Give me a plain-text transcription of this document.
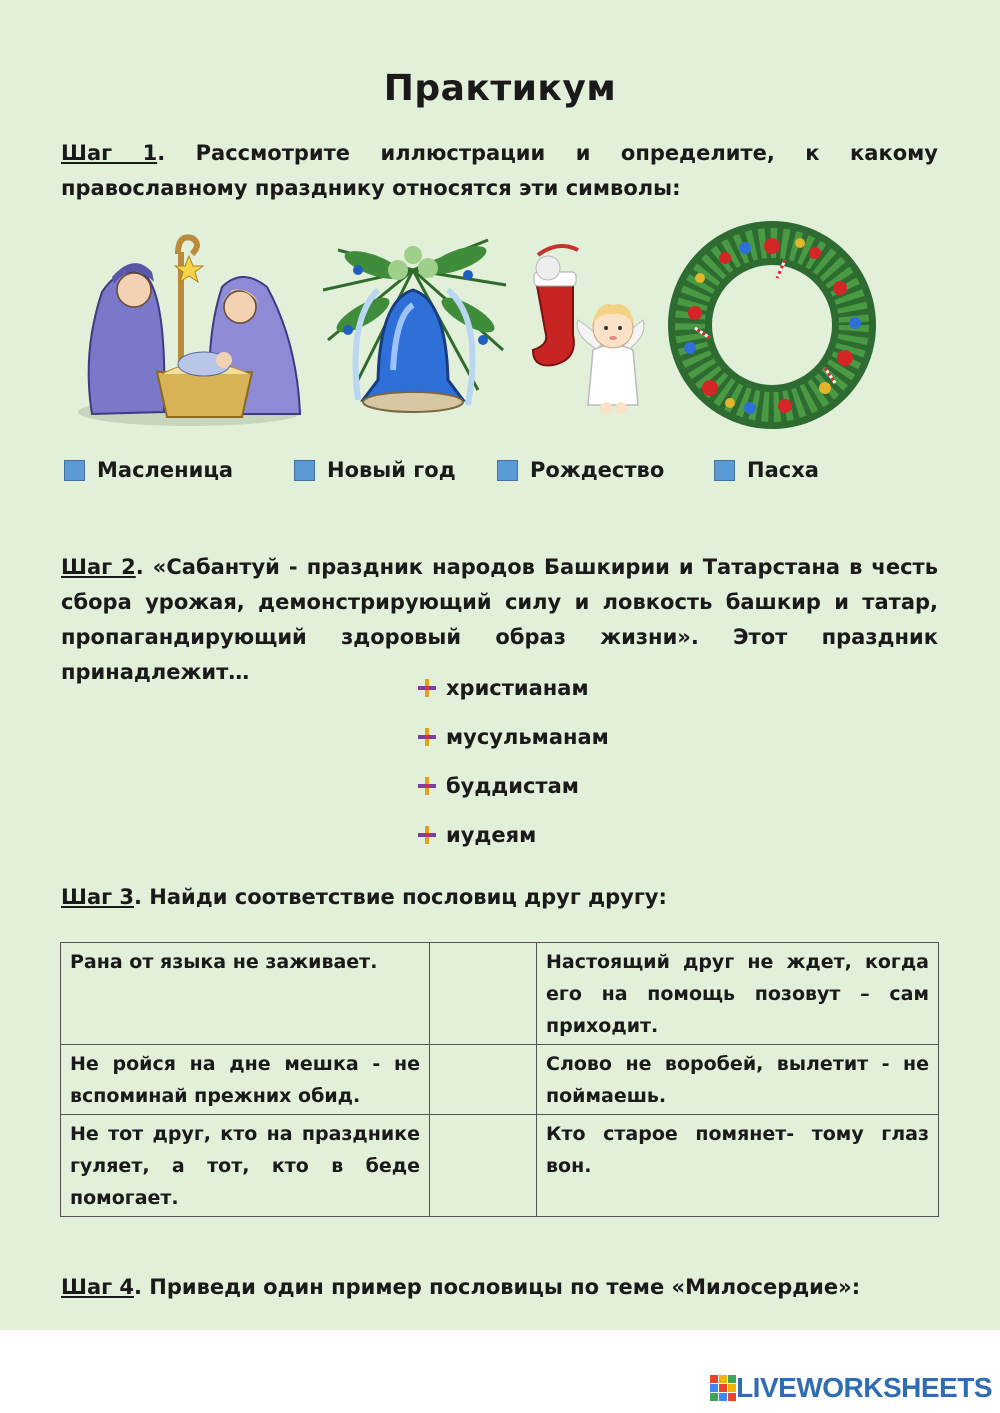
Практикум
Шаг 1. Рассмотрите иллюстрации и определите, к какому православному празднику относятся эти символы:
Масленица	Новый год	Рождество	Пасха
Шаг 2. «Сабантуй - праздник народов Башкирии и Татарстана в честь сбора урожая, демонстрирующий силу и ловкость башкир и татар, пропагандирующий здоровый образ жизни». Этот праздник принадлежит…
христианам
мусульманам
буддистам
иудеям
Шаг 3. Найди соответствие пословиц друг другу:
Рана от языка не заживает.		Настоящий друг не ждет, когда его на помощь позовут – сам приходит.
Не ройся на дне мешка - не вспоминай прежних обид.		Слово не воробей, вылетит - не поймаешь.
Не тот друг, кто на празднике гуляет, а тот, кто в беде помогает.		Кто старое помянет- тому глаз вон.
Шаг 4. Приведи один пример пословицы по теме «Милосердие»:
LIVEWORKSHEETS
